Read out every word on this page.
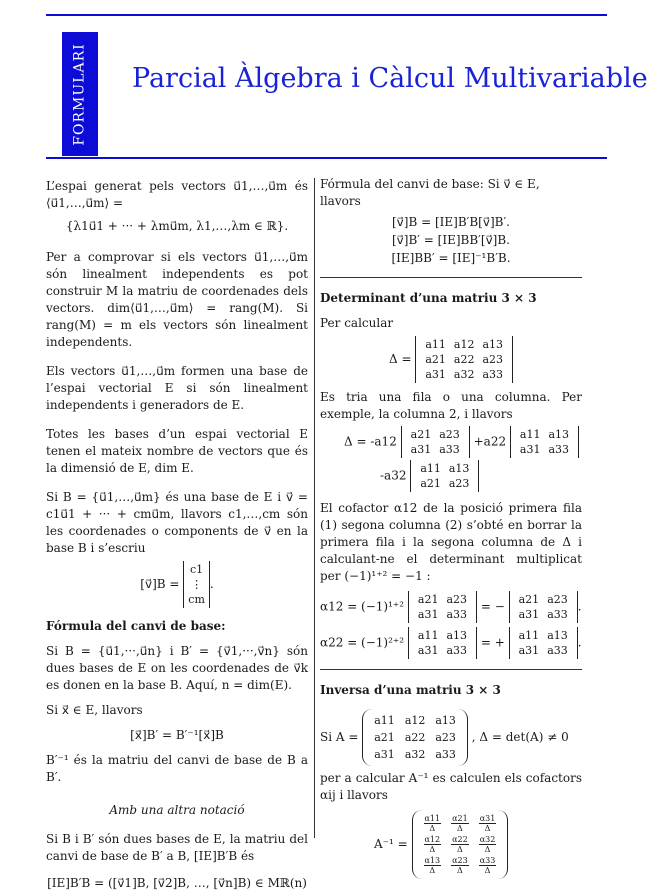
FORMULARI Parcial Àlgebra i Càlcul Multivariable

L’espai generat pels vectors u⃗1,…,u⃗m és ⟨u⃗1,…,u⃗m⟩ =

{λ1u⃗1 + ··· + λmu⃗m, λ1,…,λm ∈ ℝ}.

Per a comprovar si els vectors u⃗1,…,u⃗m són linealment independents es pot construir M la matriu de coordenades dels vectors. dim⟨u⃗1,…,u⃗m⟩ = rang(M). Si rang(M) = m els vectors són linealment independents.

Els vectors u⃗1,…,u⃗m formen una base de l’espai vectorial E si són linealment independents i generadors de E.

Totes les bases d’un espai vectorial E tenen el mateix nombre de vectors que és la dimensió de E, dim E.

Si B = {u⃗1,…,u⃗m} és una base de E i v⃗ = c1u⃗1 + ··· + cmu⃗m, llavors c1,…,cm són les coordenades o components de v⃗ en la base B i s’escriu

[v⃗]B = c1
⋮
cm.

Fórmula del canvi de base:

Si B = {u⃗1,···,u⃗n} i B′ = {v⃗1,···,v⃗n} són dues bases de E on les coordenades de v⃗k es donen en la base B. Aquí, n = dim(E).

Si x⃗ ∈ E, llavors

[x⃗]B′ = B′⁻¹[x⃗]B

B′⁻¹ és la matriu del canvi de base de B a B′.

Amb una altra notació

Si B i B′ són dues bases de E, la matriu del canvi de base de B′ a B, [IE]B′B és

[IE]B′B = ([v⃗1]B, [v⃗2]B, …, [v⃗n]B) ∈ Mℝ(n)

Fórmula del canvi de base: Si v⃗ ∈ E, llavors

[v⃗]B = [IE]B′B[v⃗]B′.
[v⃗]B′ = [IE]BB′[v⃗]B.
[IE]BB′ = [IE]⁻¹B′B.

Determinant d’una matriu 3 × 3

Per calcular

Δ =
a11	a12	a13
a21	a22	a23
a31	a32	a33

Es tria una fila o una columna. Per exemple, la columna 2, i llavors

Δ = -a12 a21	a23
a31	a33
+a22 a11	a13
a31	a33
-a32 a11	a13
a21	a23

El cofactor α12 de la posició primera fila (1) segona columna (2) s’obté en borrar la primera fila i la segona columna de Δ i calculant-ne el determinant multiplicat per (−1)¹⁺² = −1 :

α12 = (−1)¹⁺² a21	a23
a31	a33
= − a21	a23
a31	a33
.
α22 = (−1)²⁺² a11	a13
a31	a33
= + a11	a13
a31	a33
.

Inversa d’una matriu 3 × 3

Si A =
a11	a12	a13
a21	a22	a23
a31	a32	a33
, Δ = det(A) ≠ 0

per a calcular A⁻¹ es calculen els cofactors αij i llavors

A⁻¹ =
$\frac{\alpha 11}{\Delta}$	$\frac{\alpha 21}{\Delta}$	$\frac{\alpha 31}{\Delta}$

$\frac{\alpha 12}{\Delta}$	$\frac{\alpha 22}{\Delta}$	$\frac{\alpha 32}{\Delta}$

$\frac{\alpha 13}{\Delta}$	$\frac{\alpha 23}{\Delta}$	$\frac{\alpha 33}{\Delta}$
